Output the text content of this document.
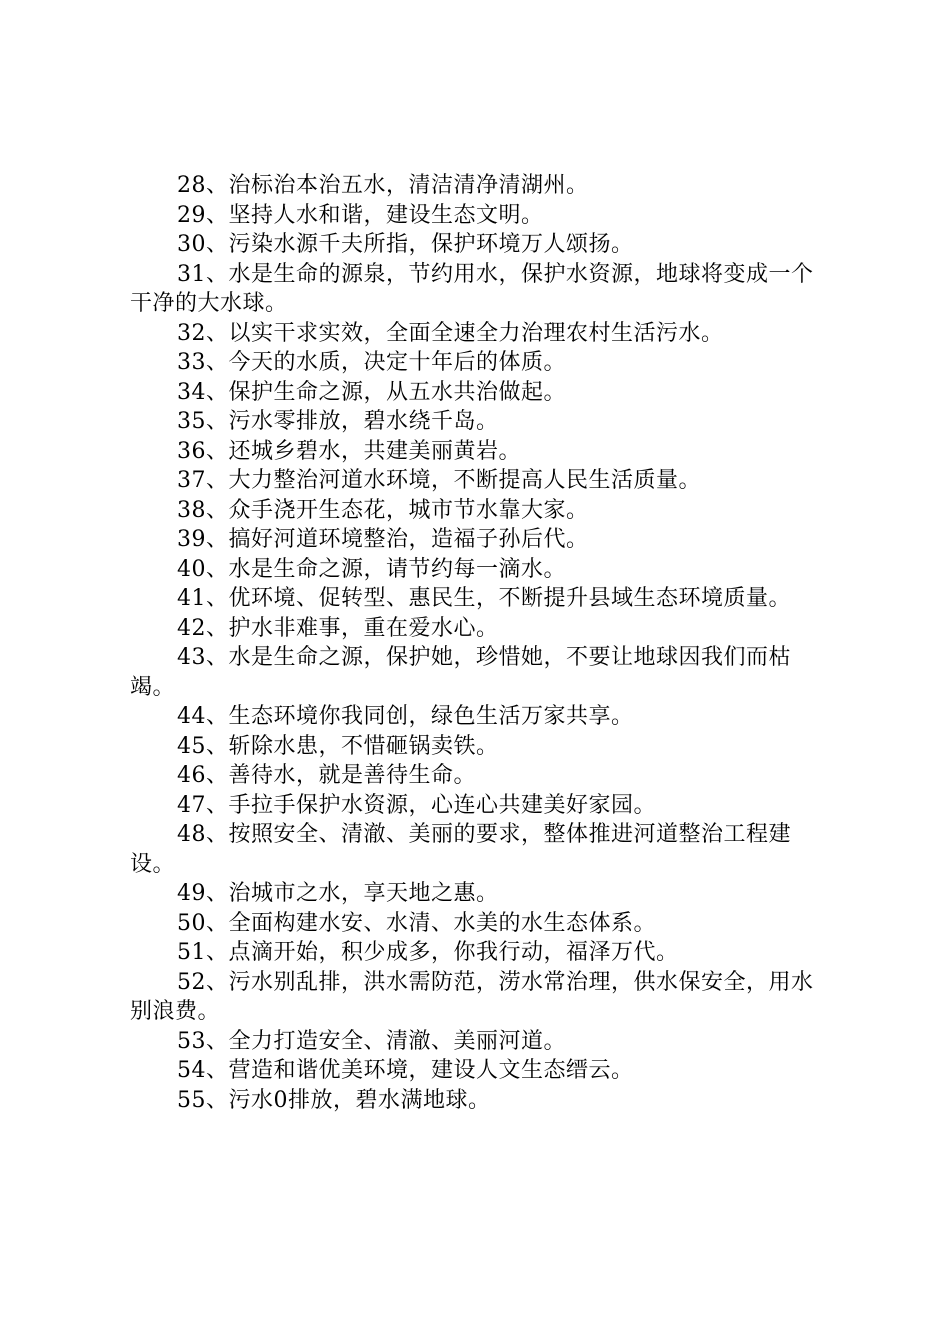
28、治标治本治五水，清洁清净清湖州。

29、坚持人水和谐，建设生态文明。

30、污染水源千夫所指，保护环境万人颂扬。

31、水是生命的源泉，节约用水，保护水资源，地球将变成一个干净的大水球。

32、以实干求实效，全面全速全力治理农村生活污水。

33、今天的水质，决定十年后的体质。

34、保护生命之源，从五水共治做起。

35、污水零排放，碧水绕千岛。

36、还城乡碧水，共建美丽黄岩。

37、大力整治河道水环境，不断提高人民生活质量。

38、众手浇开生态花，城市节水靠大家。

39、搞好河道环境整治，造福子孙后代。

40、水是生命之源，请节约每一滴水。

41、优环境、促转型、惠民生，不断提升县域生态环境质量。

42、护水非难事，重在爱水心。

43、水是生命之源，保护她，珍惜她，不要让地球因我们而枯竭。

44、生态环境你我同创，绿色生活万家共享。

45、斩除水患，不惜砸锅卖铁。

46、善待水，就是善待生命。

47、手拉手保护水资源，心连心共建美好家园。

48、按照安全、清澈、美丽的要求，整体推进河道整治工程建设。

49、治城市之水，享天地之惠。

50、全面构建水安、水清、水美的水生态体系。

51、点滴开始，积少成多，你我行动，福泽万代。

52、污水别乱排，洪水需防范，涝水常治理，供水保安全，用水别浪费。

53、全力打造安全、清澈、美丽河道。

54、营造和谐优美环境，建设人文生态缙云。

55、污水0排放，碧水满地球。
